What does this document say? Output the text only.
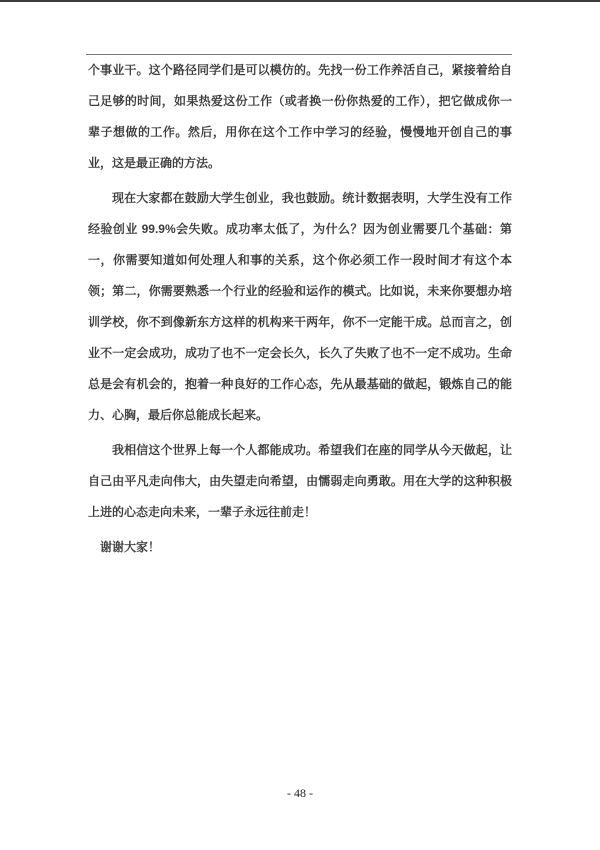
个事业干。这个路径同学们是可以模仿的。先找一份工作养活自己，紧接着给自己足够的时间，如果热爱这份工作（或者换一份你热爱的工作），把它做成你一辈子想做的工作。然后，用你在这个工作中学习的经验，慢慢地开创自己的事业，这是最正确的方法。

现在大家都在鼓励大学生创业，我也鼓励。统计数据表明，大学生没有工作经验创业 99.9%会失败。成功率太低了，为什么？因为创业需要几个基础：第一，你需要知道如何处理人和事的关系，这个你必须工作一段时间才有这个本领；第二，你需要熟悉一个行业的经验和运作的模式。比如说，未来你要想办培训学校，你不到像新东方这样的机构来干两年，你不一定能干成。总而言之，创业不一定会成功，成功了也不一定会长久，长久了失败了也不一定不成功。生命总是会有机会的，抱着一种良好的工作心态，先从最基础的做起，锻炼自己的能力、心胸，最后你总能成长起来。

我相信这个世界上每一个人都能成功。希望我们在座的同学从今天做起，让自己由平凡走向伟大，由失望走向希望，由懦弱走向勇敢。用在大学的这种积极上进的心态走向未来，一辈子永远往前走！

谢谢大家！

- 48 -
